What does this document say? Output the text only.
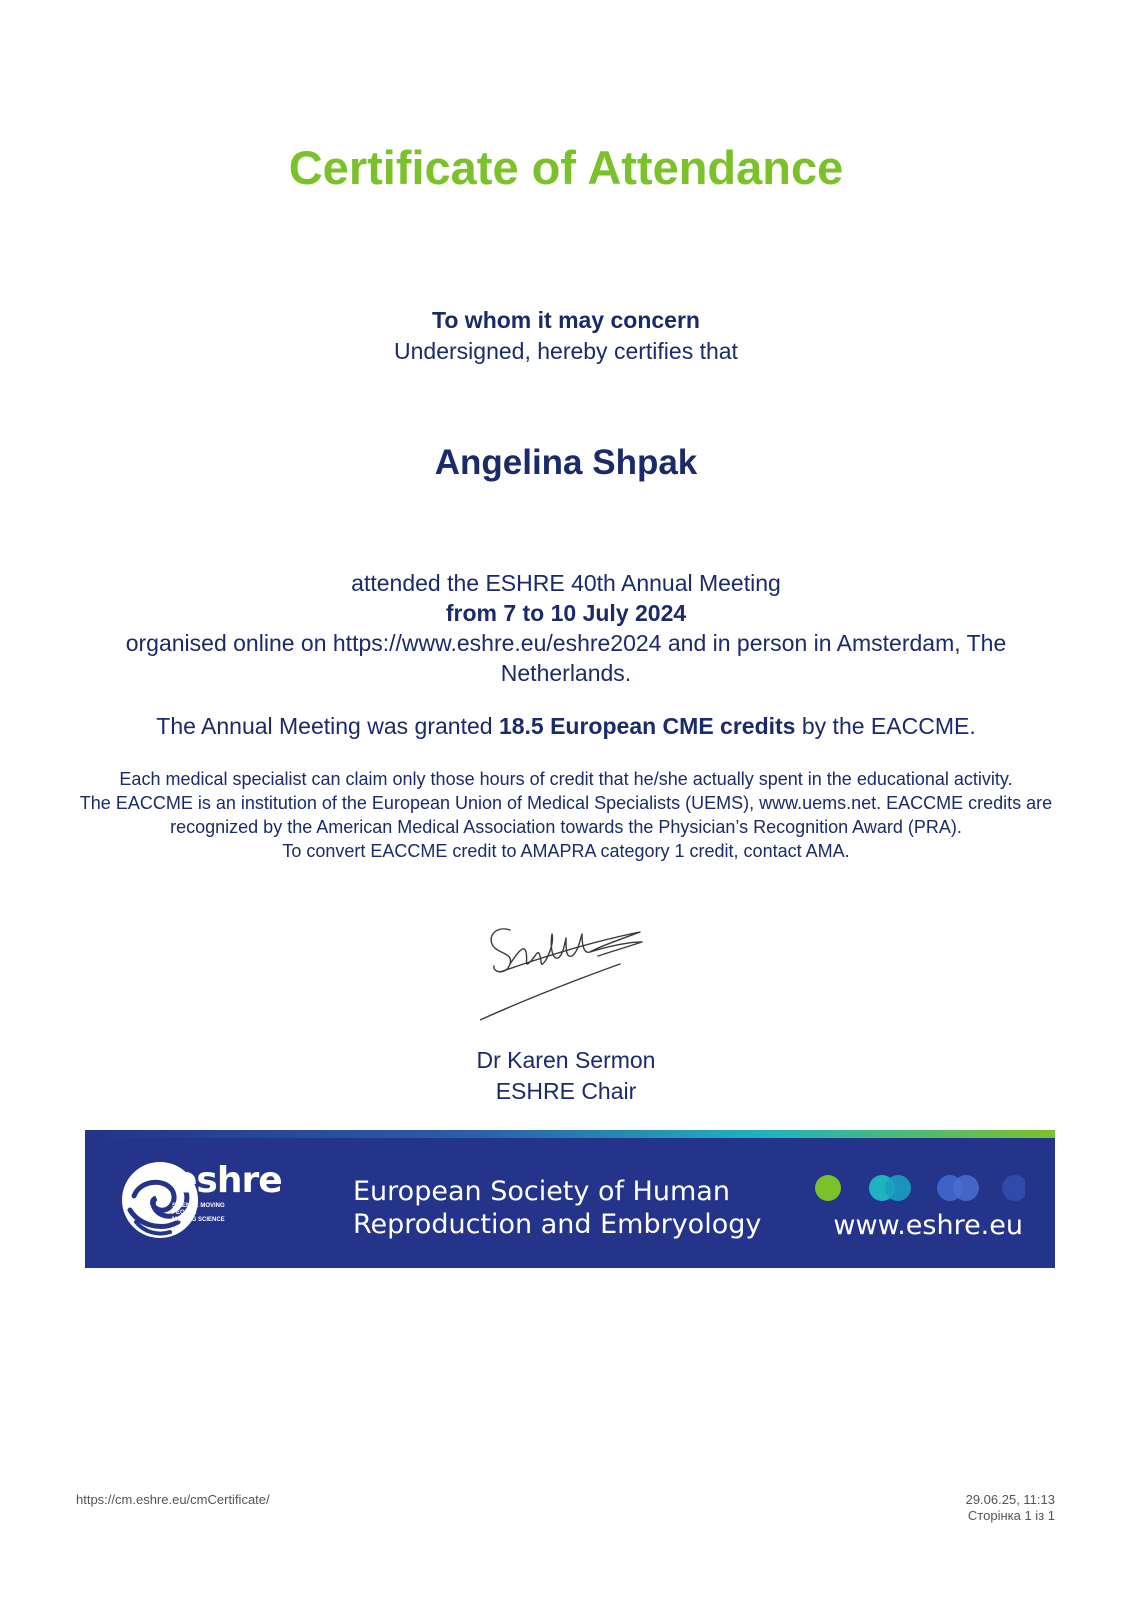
Certificate of Attendance
To whom it may concern
Undersigned, hereby certifies that
Angelina Shpak
attended the ESHRE 40th Annual Meeting
from 7 to 10 July 2024
organised online on https://www.eshre.eu/eshre2024 and in person in Amsterdam, The Netherlands.
The Annual Meeting was granted 18.5 European CME credits by the EACCME.
Each medical specialist can claim only those hours of credit that he/she actually spent in the educational activity.
The EACCME is an institution of the European Union of Medical Specialists (UEMS), www.uems.net. EACCME credits are recognized by the American Medical Association towards the Physician’s Recognition Award (PRA).
To convert EACCME credit to AMAPRA category 1 credit, contact AMA.
Dr Karen Sermon
ESHRE Chair
eshre
SCIENCE MOVING
PEOPLE
MOVING SCIENCE
European Society of Human
Reproduction and Embryology	www.eshre.eu
https://cm.eshre.eu/cmCertificate/	29.06.25, 11:13
Сторінка 1 із 1
